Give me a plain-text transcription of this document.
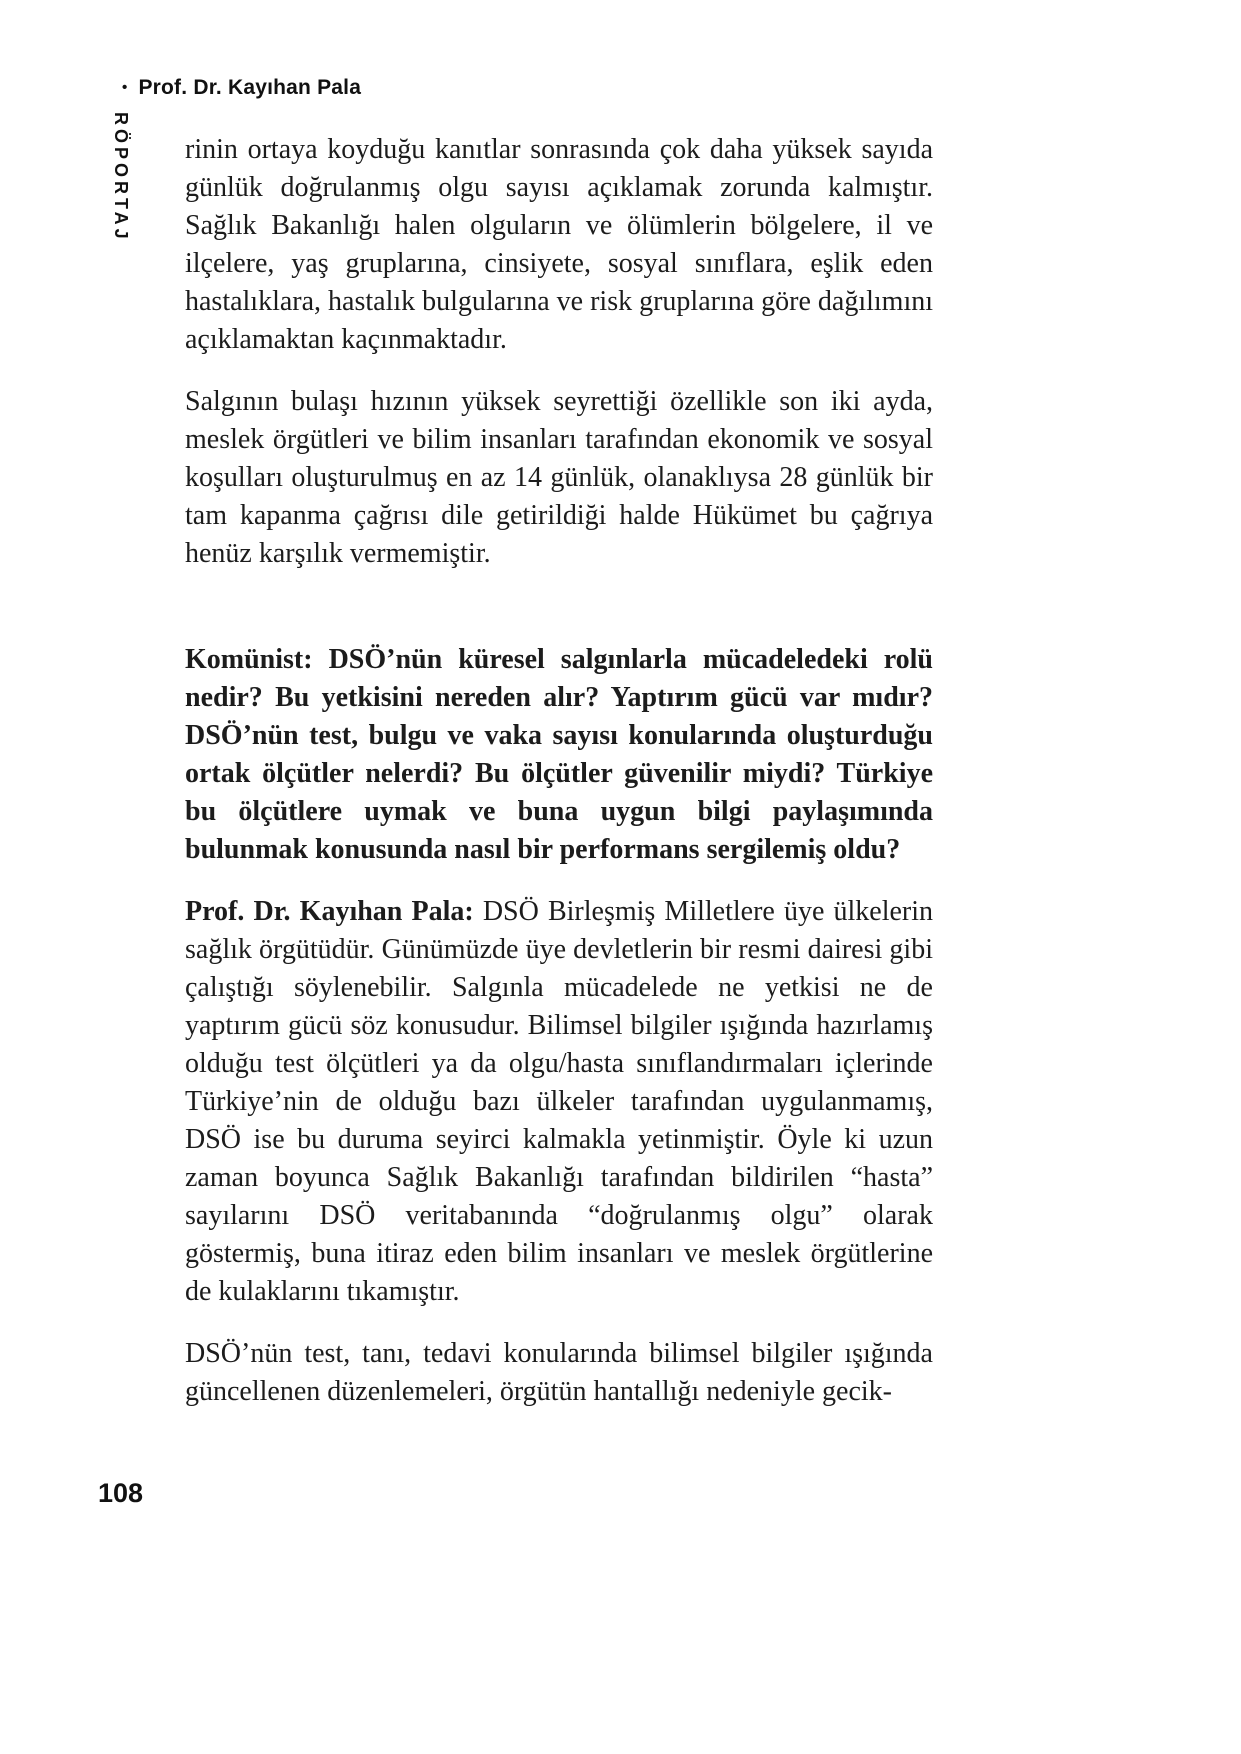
• Prof. Dr. Kayıhan Pala
RÖPORTAJ rinin ortaya koyduğu kanıtlar sonrasında çok daha yüksek sayıda günlük doğrulanmış olgu sayısı açıklamak zorunda kalmıştır. Sağlık Bakanlığı halen olguların ve ölümlerin bölgelere, il ve ilçelere, yaş gruplarına, cinsiyete, sosyal sınıflara, eşlik eden hastalıklara, hastalık bulgularına ve risk gruplarına göre dağılımını açıklamaktan kaçınmaktadır.

Salgının bulaşı hızının yüksek seyrettiği özellikle son iki ayda, meslek örgütleri ve bilim insanları tarafından ekonomik ve sosyal koşulları oluşturulmuş en az 14 günlük, olanaklıysa 28 günlük bir tam kapanma çağrısı dile getirildiği halde Hükümet bu çağrıya henüz karşılık vermemiştir.

Komünist: DSÖ’nün küresel salgınlarla mücadeledeki rolü nedir? Bu yetkisini nereden alır? Yaptırım gücü var mıdır? DSÖ’nün test, bulgu ve vaka sayısı konularında oluşturduğu ortak ölçütler nelerdi? Bu ölçütler güvenilir miydi? Türkiye bu ölçütlere uymak ve buna uygun bilgi paylaşımında bulunmak konusunda nasıl bir performans sergilemiş oldu?

Prof. Dr. Kayıhan Pala: DSÖ Birleşmiş Milletlere üye ülkelerin sağlık örgütüdür. Günümüzde üye devletlerin bir resmi dairesi gibi çalıştığı söylenebilir. Salgınla mücadelede ne yetkisi ne de yaptırım gücü söz konusudur. Bilimsel bilgiler ışığında hazırlamış olduğu test ölçütleri ya da olgu/hasta sınıflandırmaları içlerinde Türkiye’nin de olduğu bazı ülkeler tarafından uygulanmamış, DSÖ ise bu duruma seyirci kalmakla yetinmiştir. Öyle ki uzun zaman boyunca Sağlık Bakanlığı tarafından bildirilen “hasta” sayılarını DSÖ veritabanında “doğrulanmış olgu” olarak göstermiş, buna itiraz eden bilim insanları ve meslek örgütlerine de kulaklarını tıkamıştır.

DSÖ’nün test, tanı, tedavi konularında bilimsel bilgiler ışığında güncellenen düzenlemeleri, örgütün hantallığı nedeniyle gecik-

108
